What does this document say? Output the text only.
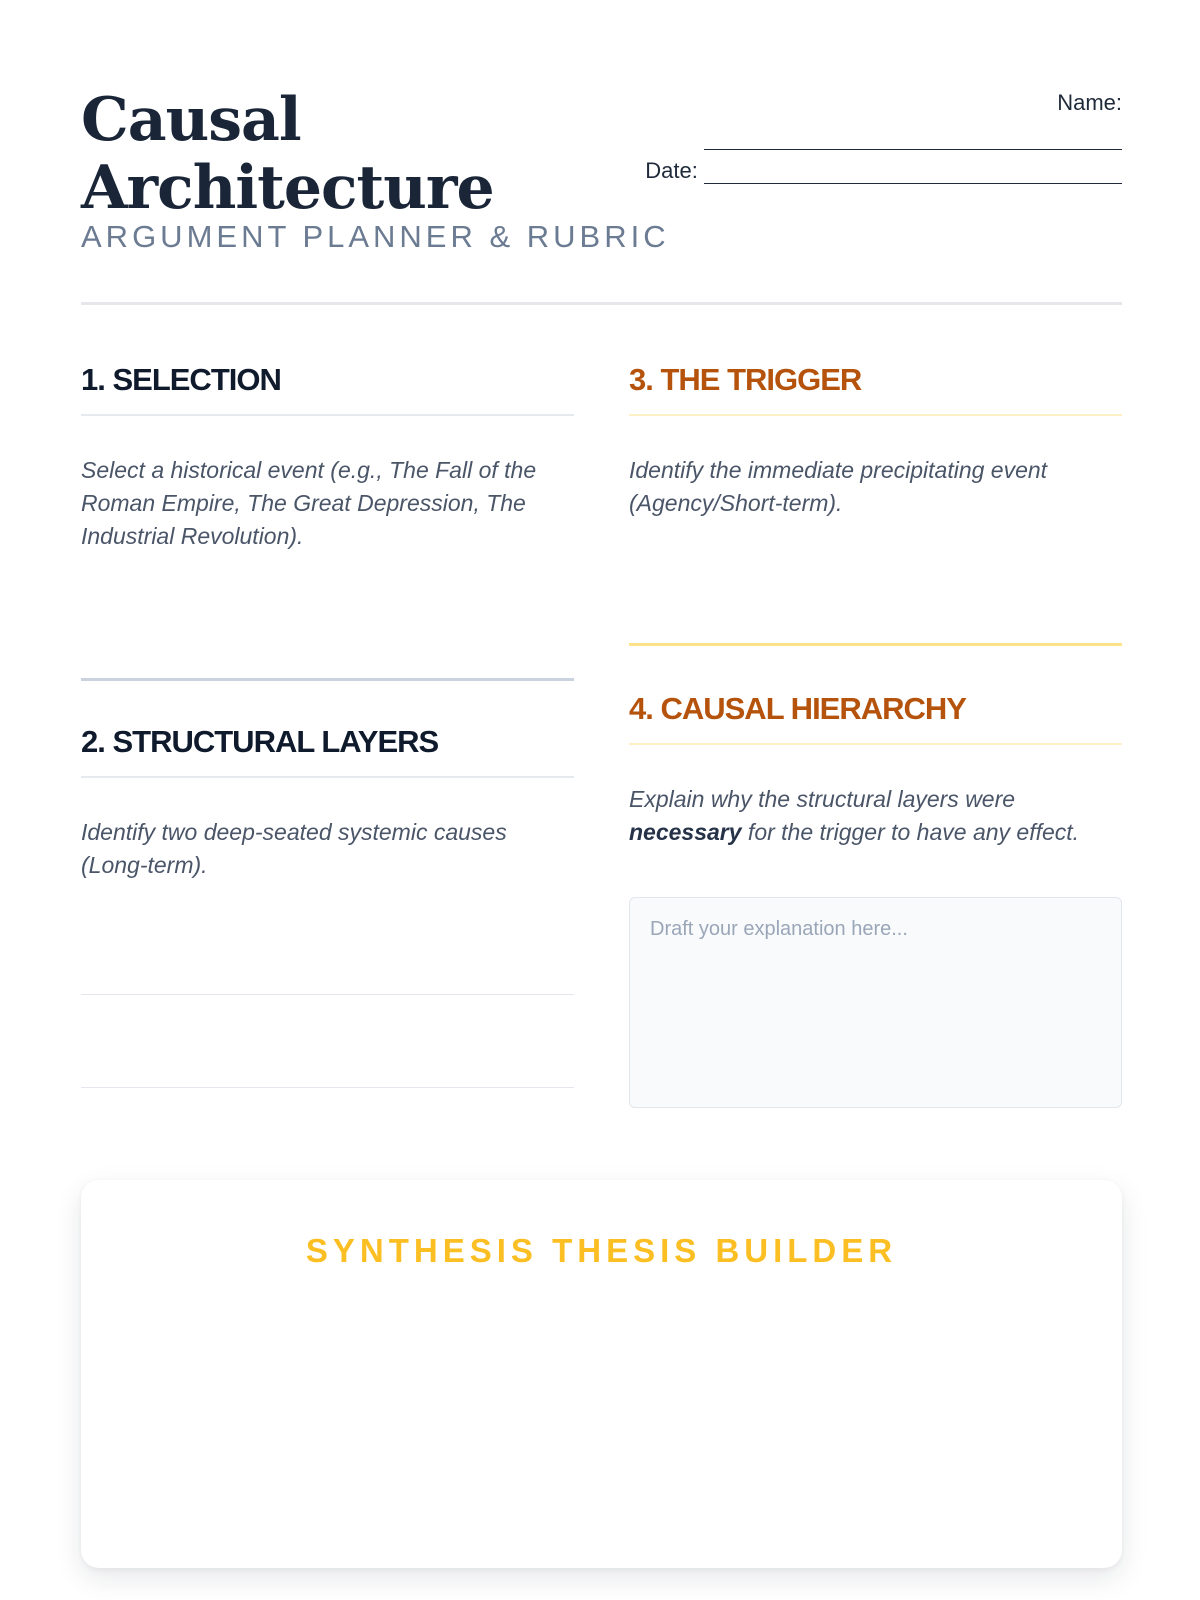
Causal
Architecture
ARGUMENT PLANNER & RUBRIC
Name:
Date:
1. SELECTION

Select a historical event (e.g., The Fall of the Roman Empire, The Great Depression, The Industrial Revolution).

2. STRUCTURAL LAYERS

Identify two deep-seated systemic causes (Long-term).

3. THE TRIGGER

Identify the immediate precipitating event (Agency/Short-term).

4. CAUSAL HIERARCHY

Explain why the structural layers were necessary for the trigger to have any effect.

Draft your explanation here...
SYNTHESIS THESIS BUILDER
